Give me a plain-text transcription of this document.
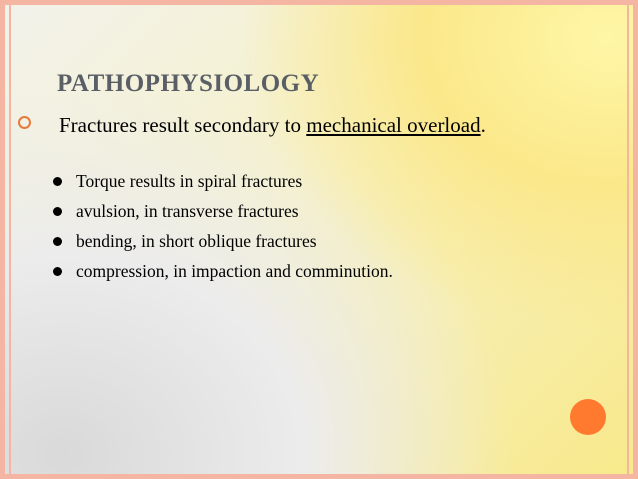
PATHOPHYSIOLOGY
Fractures result secondary to mechanical overload.
Torque results in spiral fractures
avulsion, in transverse fractures
bending, in short oblique fractures
compression, in impaction and comminution.
